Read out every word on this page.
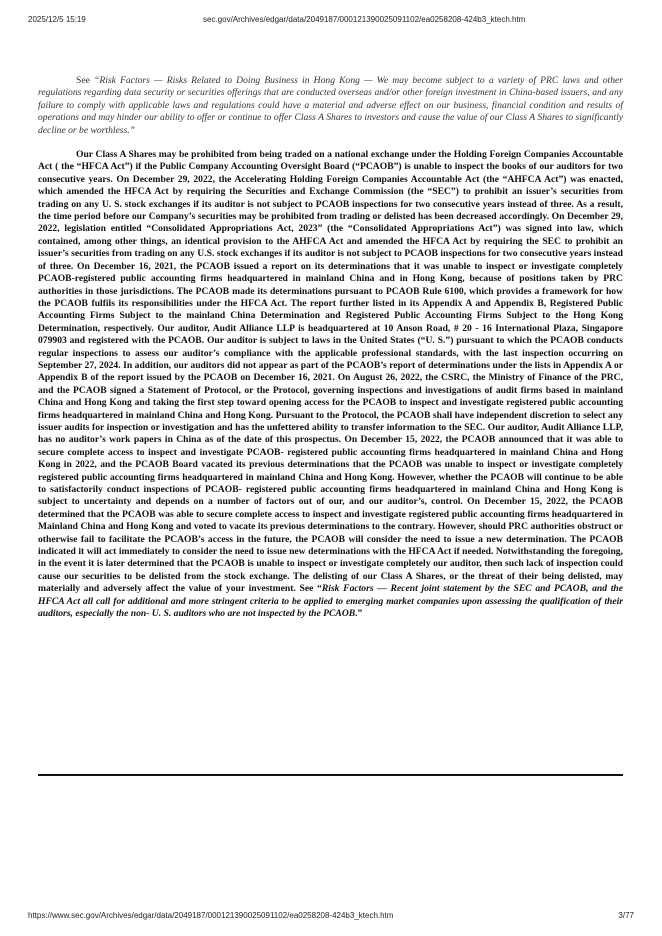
2025/12/5 15:19	sec.gov/Archives/edgar/data/2049187/000121390025091102/ea0258208-424b3_ktech.htm

See “Risk Factors — Risks Related to Doing Business in Hong Kong — We may become subject to a variety of PRC laws and other regulations regarding data security or securities offerings that are conducted overseas and/or other foreign investment in China-based issuers, and any failure to comply with applicable laws and regulations could have a material and adverse effect on our business, financial condition and results of operations and may hinder our ability to offer or continue to offer Class A Shares to investors and cause the value of our Class A Shares to significantly decline or be worthless.”

Our Class A Shares may be prohibited from being traded on a national exchange under the Holding Foreign Companies Accountable Act ( the “HFCA Act”) if the Public Company Accounting Oversight Board (“PCAOB”) is unable to inspect the books of our auditors for two consecutive years. On December 29, 2022, the Accelerating Holding Foreign Companies Accountable Act (the “AHFCA Act”) was enacted, which amended the HFCA Act by requiring the Securities and Exchange Commission (the “SEC”) to prohibit an issuer’s securities from trading on any U. S. stock exchanges if its auditor is not subject to PCAOB inspections for two consecutive years instead of three. As a result, the time period before our Company’s securities may be prohibited from trading or delisted has been decreased accordingly. On December 29, 2022, legislation entitled “Consolidated Appropriations Act, 2023” (the “Consolidated Appropriations Act”) was signed into law, which contained, among other things, an identical provision to the AHFCA Act and amended the HFCA Act by requiring the SEC to prohibit an issuer’s securities from trading on any U.S. stock exchanges if its auditor is not subject to PCAOB inspections for two consecutive years instead of three. On December 16, 2021, the PCAOB issued a report on its determinations that it was unable to inspect or investigate completely PCAOB-registered public accounting firms headquartered in mainland China and in Hong Kong, because of positions taken by PRC authorities in those jurisdictions. The PCAOB made its determinations pursuant to PCAOB Rule 6100, which provides a framework for how the PCAOB fulfils its responsibilities under the HFCA Act. The report further listed in its Appendix A and Appendix B, Registered Public Accounting Firms Subject to the mainland China Determination and Registered Public Accounting Firms Subject to the Hong Kong Determination, respectively. Our auditor, Audit Alliance LLP is headquartered at 10 Anson Road, # 20 - 16 International Plaza, Singapore 079903 and registered with the PCAOB. Our auditor is subject to laws in the United States (“U. S.”) pursuant to which the PCAOB conducts regular inspections to assess our auditor’s compliance with the applicable professional standards, with the last inspection occurring on September 27, 2024. In addition, our auditors did not appear as part of the PCAOB’s report of determinations under the lists in Appendix A or Appendix B of the report issued by the PCAOB on December 16, 2021. On August 26, 2022, the CSRC, the Ministry of Finance of the PRC, and the PCAOB signed a Statement of Protocol, or the Protocol, governing inspections and investigations of audit firms based in mainland China and Hong Kong and taking the first step toward opening access for the PCAOB to inspect and investigate registered public accounting firms headquartered in mainland China and Hong Kong. Pursuant to the Protocol, the PCAOB shall have independent discretion to select any issuer audits for inspection or investigation and has the unfettered ability to transfer information to the SEC. Our auditor, Audit Alliance LLP, has no auditor’s work papers in China as of the date of this prospectus. On December 15, 2022, the PCAOB announced that it was able to secure complete access to inspect and investigate PCAOB- registered public accounting firms headquartered in mainland China and Hong Kong in 2022, and the PCAOB Board vacated its previous determinations that the PCAOB was unable to inspect or investigate completely registered public accounting firms headquartered in mainland China and Hong Kong. However, whether the PCAOB will continue to be able to satisfactorily conduct inspections of PCAOB- registered public accounting firms headquartered in mainland China and Hong Kong is subject to uncertainty and depends on a number of factors out of our, and our auditor’s, control. On December 15, 2022, the PCAOB determined that the PCAOB was able to secure complete access to inspect and investigate registered public accounting firms headquartered in Mainland China and Hong Kong and voted to vacate its previous determinations to the contrary. However, should PRC authorities obstruct or otherwise fail to facilitate the PCAOB’s access in the future, the PCAOB will consider the need to issue a new determination. The PCAOB indicated it will act immediately to consider the need to issue new determinations with the HFCA Act if needed. Notwithstanding the foregoing, in the event it is later determined that the PCAOB is unable to inspect or investigate completely our auditor, then such lack of inspection could cause our securities to be delisted from the stock exchange. The delisting of our Class A Shares, or the threat of their being delisted, may materially and adversely affect the value of your investment. See “Risk Factors — Recent joint statement by the SEC and PCAOB, and the HFCA Act all call for additional and more stringent criteria to be applied to emerging market companies upon assessing the qualification of their auditors, especially the non- U. S. auditors who are not inspected by the PCAOB.”

https://www.sec.gov/Archives/edgar/data/2049187/000121390025091102/ea0258208-424b3_ktech.htm	3/77
